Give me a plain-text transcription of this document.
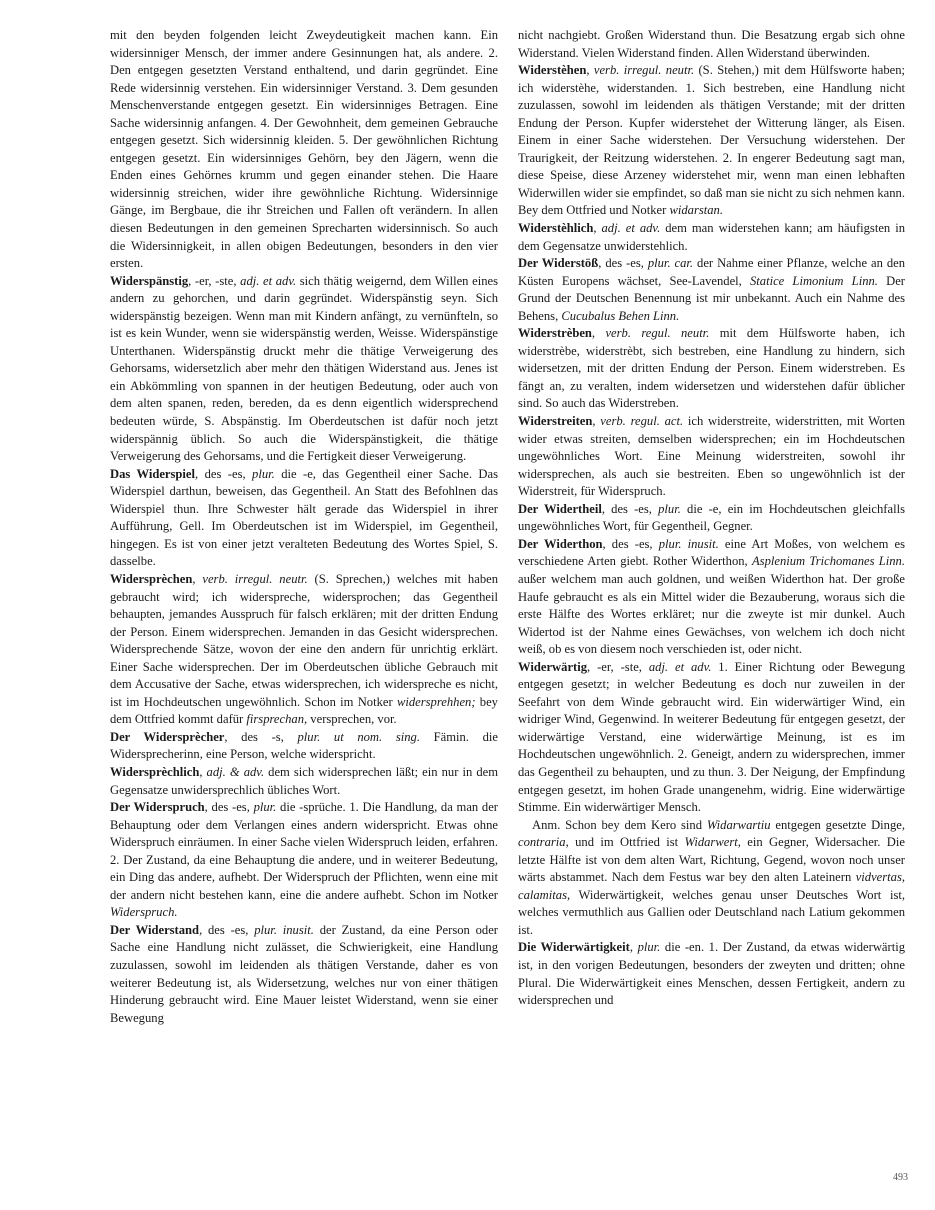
mit den beyden folgenden leicht Zweydeutigkeit machen kann. Ein widersinniger Mensch, der immer andere Gesinnungen hat, als andere. 2. Den entgegen gesetzten Verstand enthaltend, und darin gegründet. Eine Rede widersinnig verstehen. Ein widersinniger Verstand. 3. Dem gesunden Menschenverstande entgegen gesetzt. Ein widersinniges Betragen. Eine Sache widersinnig anfangen. 4. Der Gewohnheit, dem gemeinen Gebrauche entgegen gesetzt. Sich widersinnig kleiden. 5. Der gewöhnlichen Richtung entgegen gesetzt. Ein widersinniges Gehörn, bey den Jägern, wenn die Enden eines Gehörnes krumm und gegen einander stehen. Die Haare widersinnig streichen, wider ihre gewöhnliche Richtung. Widersinnige Gänge, im Bergbaue, die ihr Streichen und Fallen oft verändern. In allen diesen Bedeutungen in den gemeinen Sprecharten widersinnisch. So auch die Widersinnigkeit, in allen obigen Bedeutungen, besonders in den vier ersten.

Widerspänstig, -er, -ste, adj. et adv. sich thätig weigernd, dem Willen eines andern zu gehorchen, und darin gegründet. Widerspänstig seyn. Sich widerspänstig bezeigen. Wenn man mit Kindern anfängt, zu vernünfteln, so ist es kein Wunder, wenn sie widerspänstig werden, Weisse. Widerspänstige Unterthanen. Widerspänstig druckt mehr die thätige Verweigerung des Gehorsams, widersetzlich aber mehr den thätigen Widerstand aus. Jenes ist ein Abkömmling von spannen in der heutigen Bedeutung, oder auch von dem alten spanen, reden, bereden, da es denn eigentlich widersprechend bedeuten würde, S. Abspänstig. Im Oberdeutschen ist dafür noch jetzt widerspännig üblich. So auch die Widerspänstigkeit, die thätige Verweigerung des Gehorsams, und die Fertigkeit dieser Verweigerung.

Das Widerspiel, des -es, plur. die -e, das Gegentheil einer Sache. Das Widerspiel darthun, beweisen, das Gegentheil. An Statt des Befohlnen das Widerspiel thun. Ihre Schwester hält gerade das Widerspiel in ihrer Aufführung, Gell. Im Oberdeutschen ist im Widerspiel, im Gegentheil, hingegen. Es ist von einer jetzt veralteten Bedeutung des Wortes Spiel, S. dasselbe.

Widersprèchen, verb. irregul. neutr. (S. Sprechen,) welches mit haben gebraucht wird; ich widerspreche, widersprochen; das Gegentheil behaupten, jemandes Ausspruch für falsch erklären; mit der dritten Endung der Person. Einem widersprechen. Jemanden in das Gesicht widersprechen. Widersprechende Sätze, wovon der eine den andern für unrichtig erklärt. Einer Sache widersprechen. Der im Oberdeutschen übliche Gebrauch mit dem Accusative der Sache, etwas widersprechen, ich widerspreche es nicht, ist im Hochdeutschen ungewöhnlich. Schon im Notker widersprehhen; bey dem Ottfried kommt dafür firsprechan, versprechen, vor.

Der Widersprècher, des -s, plur. ut nom. sing. Fämin. die Widersprecherinn, eine Person, welche widerspricht.

Widersprèchlich, adj. & adv. dem sich widersprechen läßt; ein nur in dem Gegensatze unwidersprechlich übliches Wort.

Der Widerspruch, des -es, plur. die -sprüche. 1. Die Handlung, da man der Behauptung oder dem Verlangen eines andern widerspricht. Etwas ohne Widerspruch einräumen. In einer Sache vielen Widerspruch leiden, erfahren. 2. Der Zustand, da eine Behauptung die andere, und in weiterer Bedeutung, ein Ding das andere, aufhebt. Der Widerspruch der Pflichten, wenn eine mit der andern nicht bestehen kann, eine die andere aufhebt. Schon im Notker Widerspruch.

Der Widerstand, des -es, plur. inusit. der Zustand, da eine Person oder Sache eine Handlung nicht zulässet, die Schwierigkeit, eine Handlung zuzulassen, sowohl im leidenden als thätigen Verstande, daher es von weiterer Bedeutung ist, als Widersetzung, welches nur von einer thätigen Hinderung gebraucht wird. Eine Mauer leistet Widerstand, wenn sie einer Bewegung

nicht nachgiebt. Großen Widerstand thun. Die Besatzung ergab sich ohne Widerstand. Vielen Widerstand finden. Allen Widerstand überwinden.

Widerstèhen, verb. irregul. neutr. (S. Stehen,) mit dem Hülfsworte haben; ich widerstèhe, widerstanden. 1. Sich bestreben, eine Handlung nicht zuzulassen, sowohl im leidenden als thätigen Verstande; mit der dritten Endung der Person. Kupfer widerstehet der Witterung länger, als Eisen. Einem in einer Sache widerstehen. Der Versuchung widerstehen. Der Traurigkeit, der Reitzung widerstehen. 2. In engerer Bedeutung sagt man, diese Speise, diese Arzeney widerstehet mir, wenn man einen lebhaften Widerwillen wider sie empfindet, so daß man sie nicht zu sich nehmen kann. Bey dem Ottfried und Notker widarstan.

Widerstèhlich, adj. et adv. dem man widerstehen kann; am häufigsten in dem Gegensatze unwiderstehlich.

Der Widerstöß, des -es, plur. car. der Nahme einer Pflanze, welche an den Küsten Europens wächset, See-Lavendel, Statice Limonium Linn. Der Grund der Deutschen Benennung ist mir unbekannt. Auch ein Nahme des Behens, Cucubalus Behen Linn.

Widerstrèben, verb. regul. neutr. mit dem Hülfsworte haben, ich widerstrèbe, widerstrèbt, sich bestreben, eine Handlung zu hindern, sich widersetzen, mit der dritten Endung der Person. Einem widerstreben. Es fängt an, zu veralten, indem widersetzen und widerstehen dafür üblicher sind. So auch das Widerstreben.

Widerstreiten, verb. regul. act. ich widerstreite, widerstritten, mit Worten wider etwas streiten, demselben widersprechen; ein im Hochdeutschen ungewöhnliches Wort. Eine Meinung widerstreiten, sowohl ihr widersprechen, als auch sie bestreiten. Eben so ungewöhnlich ist der Widerstreit, für Widerspruch.

Der Widertheil, des -es, plur. die -e, ein im Hochdeutschen gleichfalls ungewöhnliches Wort, für Gegentheil, Gegner.

Der Widerthon, des -es, plur. inusit. eine Art Moßes, von welchem es verschiedene Arten giebt. Rother Widerthon, Asplenium Trichomanes Linn. außer welchem man auch goldnen, und weißen Widerthon hat. Der große Haufe gebraucht es als ein Mittel wider die Bezauberung, woraus sich die erste Hälfte des Wortes erkläret; nur die zweyte ist mir dunkel. Auch Widertod ist der Nahme eines Gewächses, von welchem ich doch nicht weiß, ob es von diesem noch verschieden ist, oder nicht.

Widerwärtig, -er, -ste, adj. et adv. 1. Einer Richtung oder Bewegung entgegen gesetzt; in welcher Bedeutung es doch nur zuweilen in der Seefahrt von dem Winde gebraucht wird. Ein widerwärtiger Wind, ein widriger Wind, Gegenwind. In weiterer Bedeutung für entgegen gesetzt, der widerwärtige Verstand, eine widerwärtige Meinung, ist es im Hochdeutschen ungewöhnlich. 2. Geneigt, andern zu widersprechen, immer das Gegentheil zu behaupten, und zu thun. 3. Der Neigung, der Empfindung entgegen gesetzt, im hohen Grade unangenehm, widrig. Eine widerwärtige Stimme. Ein widerwärtiger Mensch.

Anm. Schon bey dem Kero sind Widarwartiu entgegen gesetzte Dinge, contraria, und im Ottfried ist Widarwert, ein Gegner, Widersacher. Die letzte Hälfte ist von dem alten Wart, Richtung, Gegend, wovon noch unser wärts abstammet. Nach dem Festus war bey den alten Lateinern vidvertas, calamitas, Widerwärtigkeit, welches genau unser Deutsches Wort ist, welches vermuthlich aus Gallien oder Deutschland nach Latium gekommen ist.

Die Widerwärtigkeit, plur. die -en. 1. Der Zustand, da etwas widerwärtig ist, in den vorigen Bedeutungen, besonders der zweyten und dritten; ohne Plural. Die Widerwärtigkeit eines Menschen, dessen Fertigkeit, andern zu widersprechen und

493
